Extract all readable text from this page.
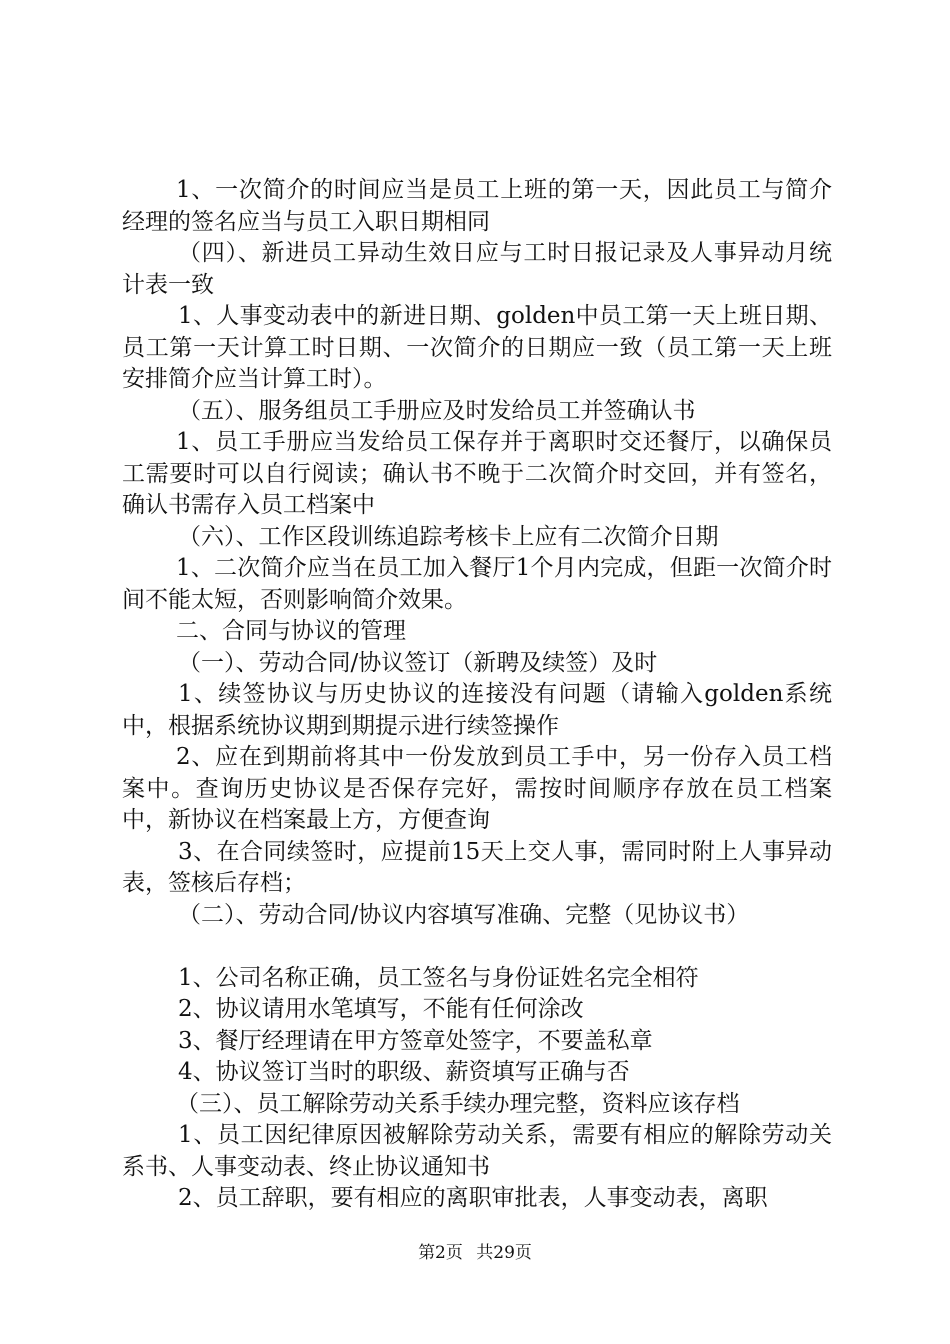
1、一次简介的时间应当是员工上班的第一天，因此员工与简介经理的签名应当与员工入职日期相同

（四）、新进员工异动生效日应与工时日报记录及人事异动月统计表一致

1、人事变动表中的新进日期、golden中员工第一天上班日期、员工第一天计算工时日期、一次简介的日期应一致（员工第一天上班安排简介应当计算工时）。

（五）、服务组员工手册应及时发给员工并签确认书

1、员工手册应当发给员工保存并于离职时交还餐厅，以确保员工需要时可以自行阅读；确认书不晚于二次简介时交回，并有签名，确认书需存入员工档案中

（六）、工作区段训练追踪考核卡上应有二次简介日期

1、二次简介应当在员工加入餐厅1个月内完成，但距一次简介时间不能太短，否则影响简介效果。

二、合同与协议的管理

（一）、劳动合同/协议签订（新聘及续签）及时

1、续签协议与历史协议的连接没有问题（请输入golden系统中，根据系统协议期到期提示进行续签操作

2、应在到期前将其中一份发放到员工手中，另一份存入员工档案中。查询历史协议是否保存完好，需按时间顺序存放在员工档案中，新协议在档案最上方，方便查询

3、在合同续签时，应提前15天上交人事，需同时附上人事异动表，签核后存档；

（二）、劳动合同/协议内容填写准确、完整（见协议书）

1、公司名称正确，员工签名与身份证姓名完全相符

2、协议请用水笔填写，不能有任何涂改

3、餐厅经理请在甲方签章处签字，不要盖私章

4、协议签订当时的职级、薪资填写正确与否

（三）、员工解除劳动关系手续办理完整，资料应该存档

1、员工因纪律原因被解除劳动关系，需要有相应的解除劳动关系书、人事变动表、终止协议通知书

2、员工辞职，要有相应的离职审批表，人事变动表，离职

第2页 共29页
